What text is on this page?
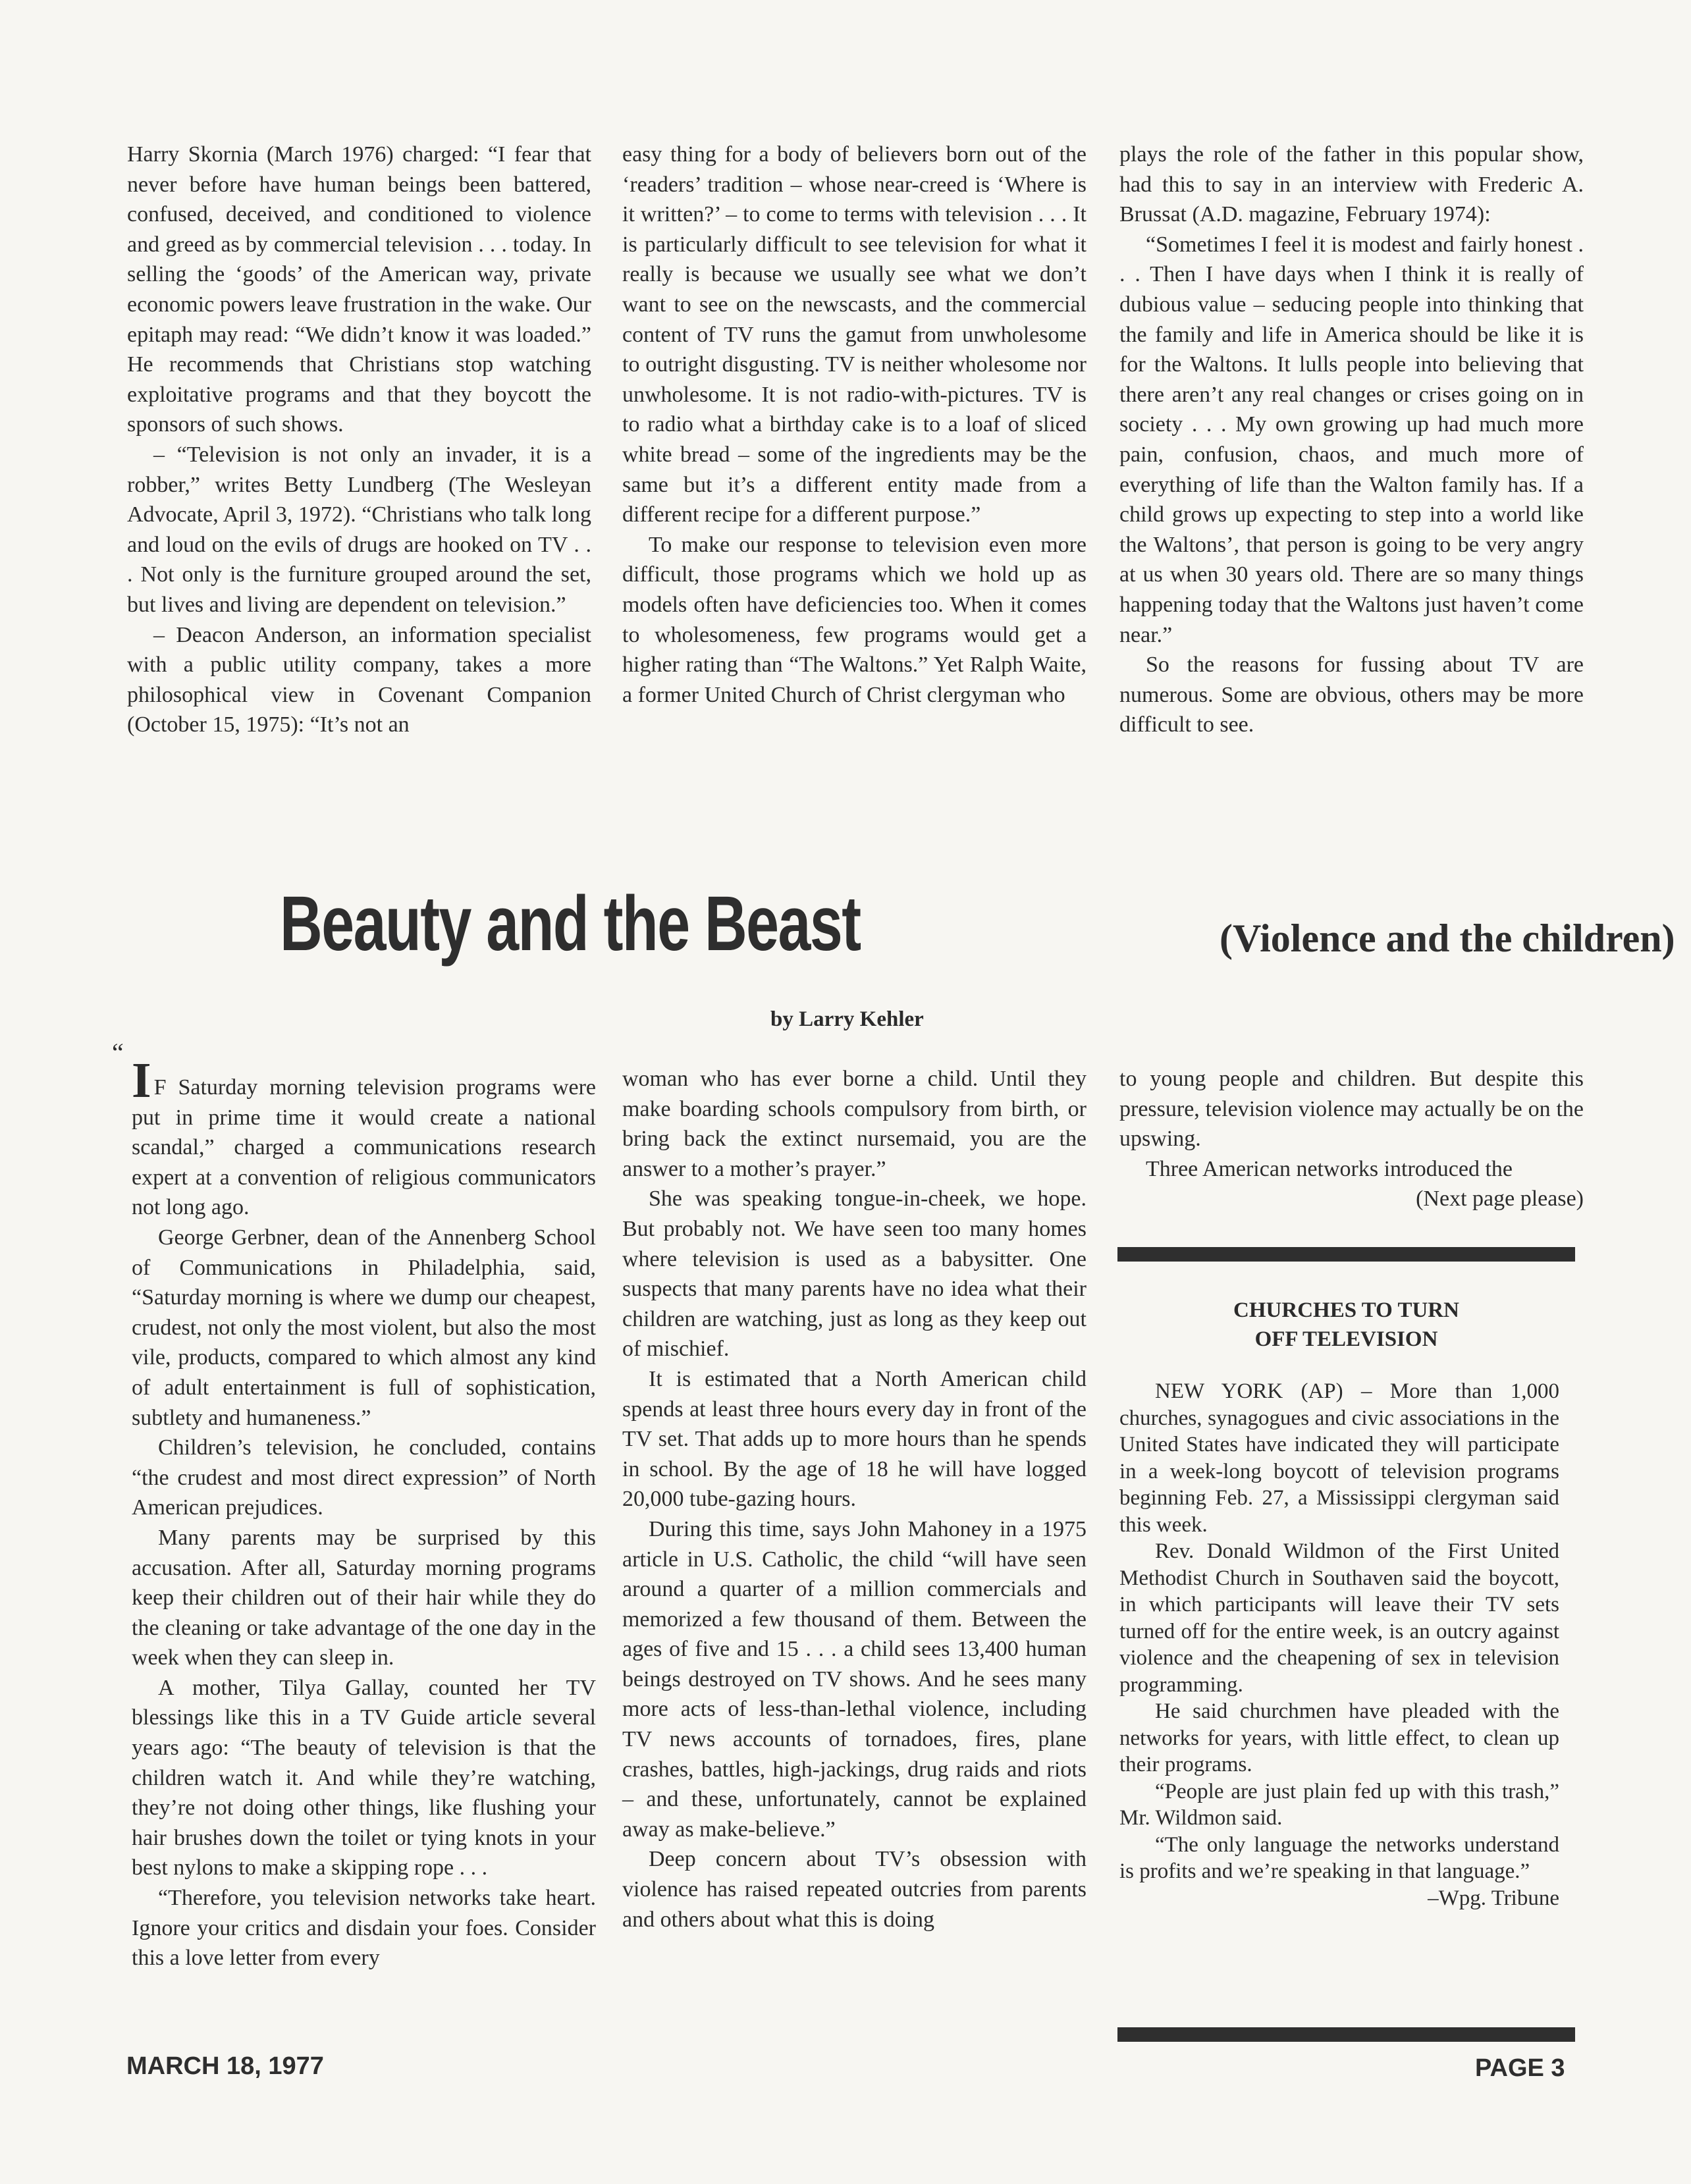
Harry Skornia (March 1976) charged: “I fear that never before have human beings been battered, confused, deceived, and conditioned to violence and greed as by commercial television . . . today. In selling the ‘goods’ of the American way, private economic powers leave frustration in the wake. Our epitaph may read: “We didn’t know it was loaded.” He recommends that Christians stop watching exploitative programs and that they boycott the sponsors of such shows.

– “Television is not only an invader, it is a robber,” writes Betty Lundberg (The Wesleyan Advocate, April 3, 1972). “Christians who talk long and loud on the evils of drugs are hooked on TV . . . Not only is the furniture grouped around the set, but lives and living are dependent on television.”

– Deacon Anderson, an information specialist with a public utility company, takes a more philosophical view in Covenant Companion (October 15, 1975): “It’s not an

easy thing for a body of believers born out of the ‘readers’ tradition – whose near-creed is ‘Where is it written?’ – to come to terms with television . . . It is particularly difficult to see television for what it really is because we usually see what we don’t want to see on the newscasts, and the commercial content of TV runs the gamut from unwholesome to outright disgusting. TV is neither wholesome nor unwholesome. It is not radio-with-pictures. TV is to radio what a birthday cake is to a loaf of sliced white bread – some of the ingredients may be the same but it’s a different entity made from a different recipe for a different purpose.”

To make our response to television even more difficult, those programs which we hold up as models often have deficiencies too. When it comes to wholesomeness, few programs would get a higher rating than “The Waltons.” Yet Ralph Waite, a former United Church of Christ clergyman who

plays the role of the father in this popular show, had this to say in an interview with Frederic A. Brussat (A.D. magazine, February 1974):

“Sometimes I feel it is modest and fairly honest . . . Then I have days when I think it is really of dubious value – seducing people into thinking that the family and life in America should be like it is for the Waltons. It lulls people into believing that there aren’t any real changes or crises going on in society . . . My own growing up had much more pain, confusion, chaos, and much more of everything of life than the Walton family has. If a child grows up expecting to step into a world like the Waltons’, that person is going to be very angry at us when 30 years old. There are so many things happening today that the Waltons just haven’t come near.”

So the reasons for fussing about TV are numerous. Some are obvious, others may be more difficult to see.

Beauty and the Beast	(Violence and the children)
by Larry Kehler
“

I F Saturday morning television programs were put in prime time it would create a national scandal,” charged a communications research expert at a convention of religious communicators not long ago.

George Gerbner, dean of the Annenberg School of Communications in Philadelphia, said, “Saturday morning is where we dump our cheapest, crudest, not only the most violent, but also the most vile, products, compared to which almost any kind of adult entertainment is full of sophistication, subtlety and humaneness.”

Children’s television, he concluded, contains “the crudest and most direct expression” of North American prejudices.

Many parents may be surprised by this accusation. After all, Saturday morning programs keep their children out of their hair while they do the cleaning or take advantage of the one day in the week when they can sleep in.

A mother, Tilya Gallay, counted her TV blessings like this in a TV Guide article several years ago: “The beauty of television is that the children watch it. And while they’re watching, they’re not doing other things, like flushing your hair brushes down the toilet or tying knots in your best nylons to make a skipping rope . . .

“Therefore, you television networks take heart. Ignore your critics and disdain your foes. Consider this a love letter from every

woman who has ever borne a child. Until they make boarding schools compulsory from birth, or bring back the extinct nursemaid, you are the answer to a mother’s prayer.”

She was speaking tongue-in-cheek, we hope. But probably not. We have seen too many homes where television is used as a babysitter. One suspects that many parents have no idea what their children are watching, just as long as they keep out of mischief.

It is estimated that a North American child spends at least three hours every day in front of the TV set. That adds up to more hours than he spends in school. By the age of 18 he will have logged 20,000 tube-gazing hours.

During this time, says John Mahoney in a 1975 article in U.S. Catholic, the child “will have seen around a quarter of a million commercials and memorized a few thousand of them. Between the ages of five and 15 . . . a child sees 13,400 human beings destroyed on TV shows. And he sees many more acts of less-than-lethal violence, including TV news accounts of tornadoes, fires, plane crashes, battles, high-jackings, drug raids and riots – and these, unfortunately, cannot be explained away as make-believe.”

Deep concern about TV’s obsession with violence has raised repeated outcries from parents and others about what this is doing

to young people and children. But despite this pressure, television violence may actually be on the upswing.

Three American networks introduced the

(Next page please)

CHURCHES TO TURN
OFF TELEVISION

NEW YORK (AP) – More than 1,000 churches, synagogues and civic associations in the United States have indicated they will participate in a week-long boycott of television programs beginning Feb. 27, a Mississippi clergyman said this week.

Rev. Donald Wildmon of the First United Methodist Church in Southaven said the boycott, in which participants will leave their TV sets turned off for the entire week, is an outcry against violence and the cheapening of sex in television programming.

He said churchmen have pleaded with the networks for years, with little effect, to clean up their programs.

“People are just plain fed up with this trash,” Mr. Wildmon said.

“The only language the networks understand is profits and we’re speaking in that language.”

–Wpg. Tribune

MARCH 18, 1977	PAGE 3
